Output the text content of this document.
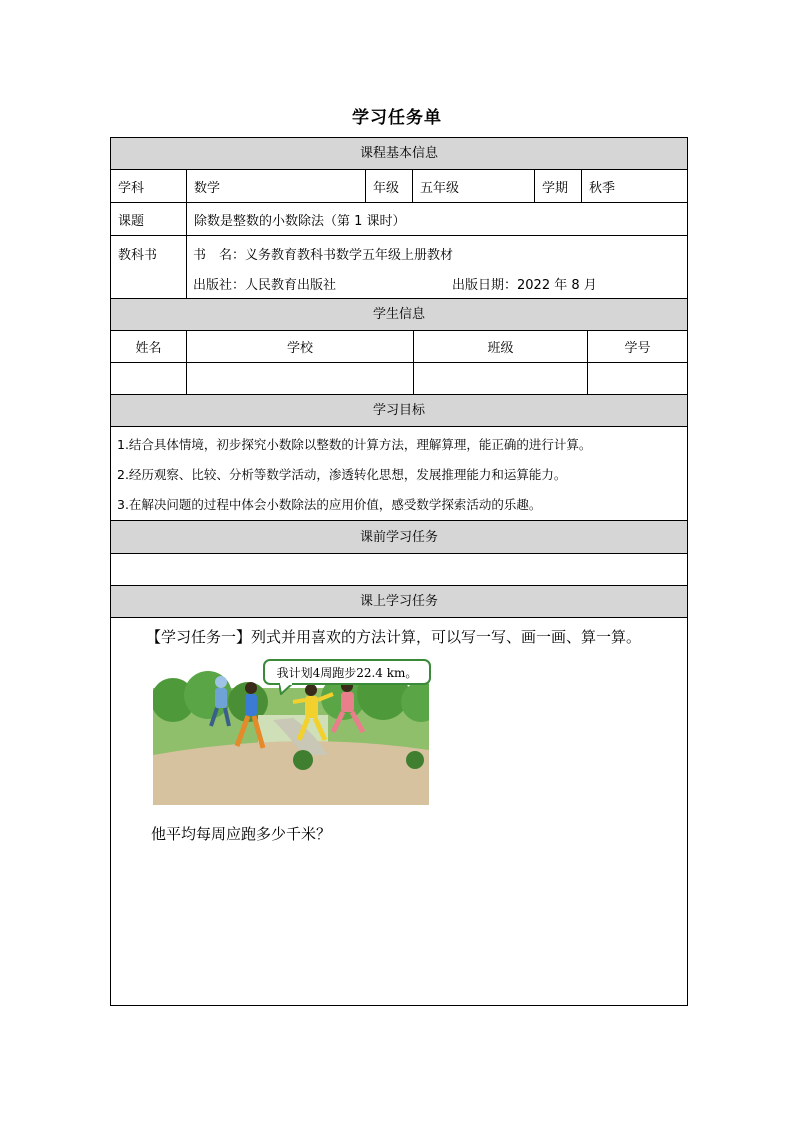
学习任务单
课程基本信息
学科	数学	年级	五年级	学期	秋季
课题	除数是整数的小数除法（第 1 课时）
教科书	书　名：义务教育教科书数学五年级上册教材
出版社：人民教育出版社	出版日期：2022 年 8 月
学生信息
姓名	学校	班级	学号
学习目标
1.结合具体情境，初步探究小数除以整数的计算方法，理解算理，能正确的进行计算。
2.经历观察、比较、分析等数学活动，渗透转化思想，发展推理能力和运算能力。
3.在解决问题的过程中体会小数除法的应用价值，感受数学探索活动的乐趣。
课前学习任务
课上学习任务
【学习任务一】列式并用喜欢的方法计算，可以写一写、画一画、算一算。
我计划4周跑步22.4 km。
他平均每周应跑多少千米？
